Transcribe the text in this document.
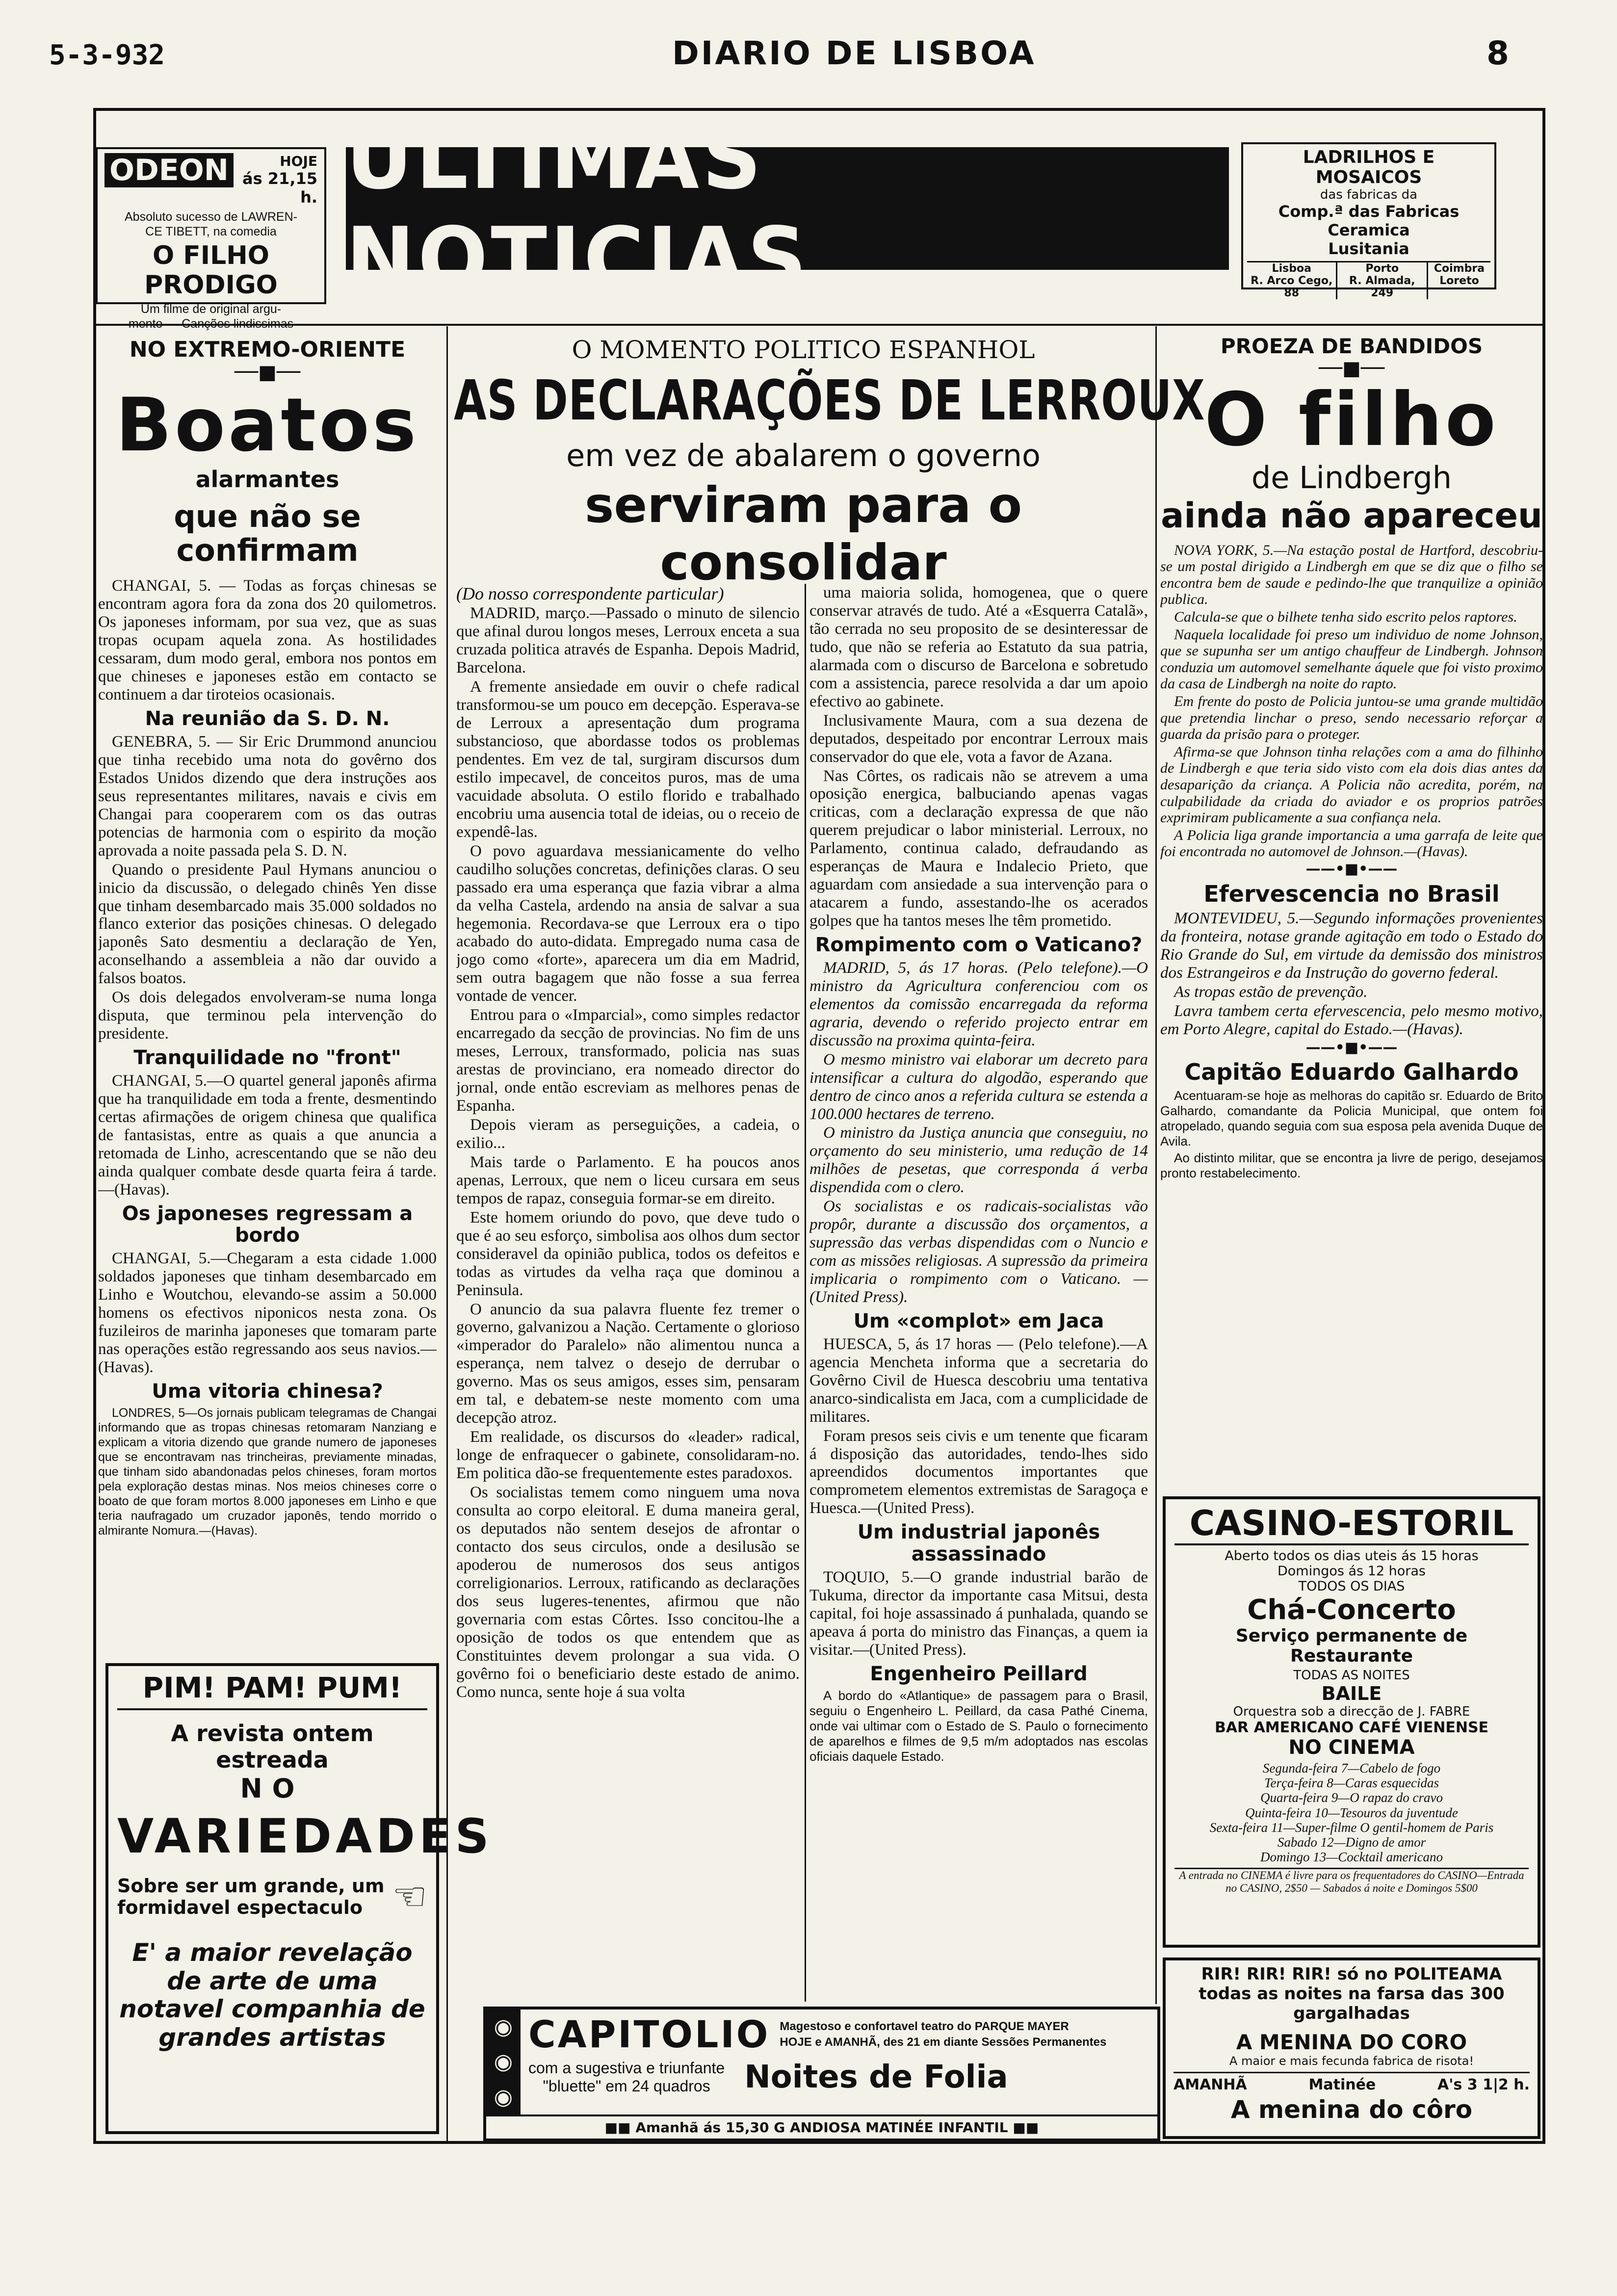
5-3-932	DIARIO DE LISBOA	8
ODEON	HOJE
ás 21,15 h.
Absoluto sucesso de LAWREN-
CE TIBETT, na comedia
O FILHO PRODIGO
Um filme de original argu-
mento — Canções lindissimas
ULTIMAS NOTICIAS
LADRILHOS E MOSAICOS
das fabricas da
Comp.ª das Fabricas Ceramica
Lusitania
Lisboa
R. Arco Cego, 88
Porto
R. Almada, 249
Coimbra
Loreto
NO EXTREMO-ORIENTE
──■──
Boatos
alarmantes
que não se confirmam

CHANGAI, 5. — Todas as forças chinesas se encontram agora fora da zona dos 20 quilometros. Os japoneses informam, por sua vez, que as suas tropas ocupam aquela zona. As hostilidades cessaram, dum modo geral, embora nos pontos em que chineses e japoneses estão em contacto se continuem a dar tiroteios ocasionais.

Na reunião da S. D. N.

GENEBRA, 5. — Sir Eric Drummond anunciou que tinha recebido uma nota do govêrno dos Estados Unidos dizendo que dera instruções aos seus representantes militares, navais e civis em Changai para cooperarem com os das outras potencias de harmonia com o espirito da moção aprovada a noite passada pela S. D. N.

Quando o presidente Paul Hymans anunciou o inicio da discussão, o delegado chinês Yen disse que tinham desembarcado mais 35.000 soldados no flanco exterior das posições chinesas. O delegado japonês Sato desmentiu a declaração de Yen, aconselhando a assembleia a não dar ouvido a falsos boatos.

Os dois delegados envolveram-se numa longa disputa, que terminou pela intervenção do presidente.

Tranquilidade no "front"

CHANGAI, 5.—O quartel general japonês afirma que ha tranquilidade em toda a frente, desmentindo certas afirmações de origem chinesa que qualifica de fantasistas, entre as quais a que anuncia a retomada de Linho, acrescentando que se não deu ainda qualquer combate desde quarta feira á tarde.—(Havas).

Os japoneses regressam a bordo

CHANGAI, 5.—Chegaram a esta cidade 1.000 soldados japoneses que tinham desembarcado em Linho e Woutchou, elevando-se assim a 50.000 homens os efectivos niponicos nesta zona. Os fuzileiros de marinha japoneses que tomaram parte nas operações estão regressando aos seus navios.—(Havas).

Uma vitoria chinesa?

LONDRES, 5—Os jornais publicam telegramas de Changai informando que as tropas chinesas retomaram Nanziang e explicam a vitoria dizendo que grande numero de japoneses que se encontravam nas trincheiras, previamente minadas, que tinham sido abandonadas pelos chineses, foram mortos pela exploração destas minas. Nos meios chineses corre o boato de que foram mortos 8.000 japoneses em Linho e que teria naufragado um cruzador japonês, tendo morrido o almirante Nomura.—(Havas).

PIM! PAM! PUM!
A revista ontem estreada
NO
VARIEDADES
Sobre ser um grande, um
formidavel espectaculo ☜
E' a maior revelação de arte de uma notavel companhia de grandes artistas
O MOMENTO POLITICO ESPANHOL
AS DECLARAÇÕES DE LERROUX
em vez de abalarem o governo
serviram para o consolidar

(Do nosso correspondente particular)

MADRID, março.—Passado o minuto de silencio que afinal durou longos meses, Lerroux enceta a sua cruzada politica através de Espanha. Depois Madrid, Barcelona.

A fremente ansiedade em ouvir o chefe radical transformou-se um pouco em decepção. Esperava-se de Lerroux a apresentação dum programa substancioso, que abordasse todos os problemas pendentes. Em vez de tal, surgiram discursos dum estilo impecavel, de conceitos puros, mas de uma vacuidade absoluta. O estilo florido e trabalhado encobriu uma ausencia total de ideias, ou o receio de expendê-las.

O povo aguardava messianicamente do velho caudilho soluções concretas, definições claras. O seu passado era uma esperança que fazia vibrar a alma da velha Castela, ardendo na ansia de salvar a sua hegemonia. Recordava-se que Lerroux era o tipo acabado do auto-didata. Empregado numa casa de jogo como «forte», aparecera um dia em Madrid, sem outra bagagem que não fosse a sua ferrea vontade de vencer.

Entrou para o «Imparcial», como simples redactor encarregado da secção de provincias. No fim de uns meses, Lerroux, transformado, policia nas suas arestas de provinciano, era nomeado director do jornal, onde então escreviam as melhores penas de Espanha.

Depois vieram as perseguições, a cadeia, o exilio...

Mais tarde o Parlamento. E ha poucos anos apenas, Lerroux, que nem o liceu cursara em seus tempos de rapaz, conseguia formar-se em direito.

Este homem oriundo do povo, que deve tudo o que é ao seu esforço, simbolisa aos olhos dum sector consideravel da opinião publica, todos os defeitos e todas as virtudes da velha raça que dominou a Peninsula.

O anuncio da sua palavra fluente fez tremer o governo, galvanizou a Nação. Certamente o glorioso «imperador do Paralelo» não alimentou nunca a esperança, nem talvez o desejo de derrubar o governo. Mas os seus amigos, esses sim, pensaram em tal, e debatem-se neste momento com uma decepção atroz.

Em realidade, os discursos do «leader» radical, longe de enfraquecer o gabinete, consolidaram-no. Em politica dão-se frequentemente estes paradoxos.

Os socialistas temem como ninguem uma nova consulta ao corpo eleitoral. E duma maneira geral, os deputados não sentem desejos de afrontar o contacto dos seus circulos, onde a desilusão se apoderou de numerosos dos seus antigos correligionarios. Lerroux, ratificando as declarações dos seus lugeres-tenentes, afirmou que não governaria com estas Côrtes. Isso concitou-lhe a oposição de todos os que entendem que as Constituintes devem prolongar a sua vida. O govêrno foi o beneficiario deste estado de animo. Como nunca, sente hoje á sua volta

uma maioria solida, homogenea, que o quere conservar através de tudo. Até a «Esquerra Catalã», tão cerrada no seu proposito de se desinteressar de tudo, que não se referia ao Estatuto da sua patria, alarmada com o discurso de Barcelona e sobretudo com a assistencia, parece resolvida a dar um apoio efectivo ao gabinete.

Inclusivamente Maura, com a sua dezena de deputados, despeitado por encontrar Lerroux mais conservador do que ele, vota a favor de Azana.

Nas Côrtes, os radicais não se atrevem a uma oposição energica, balbuciando apenas vagas criticas, com a declaração expressa de que não querem prejudicar o labor ministerial. Lerroux, no Parlamento, continua calado, defraudando as esperanças de Maura e Indalecio Prieto, que aguardam com ansiedade a sua intervenção para o atacarem a fundo, assestando-lhe os acerados golpes que ha tantos meses lhe têm prometido.

Rompimento com o Vaticano?

MADRID, 5, ás 17 horas. (Pelo telefone).—O ministro da Agricultura conferenciou com os elementos da comissão encarregada da reforma agraria, devendo o referido projecto entrar em discussão na proxima quinta-feira.

O mesmo ministro vai elaborar um decreto para intensificar a cultura do algodão, esperando que dentro de cinco anos a referida cultura se estenda a 100.000 hectares de terreno.

O ministro da Justiça anuncia que conseguiu, no orçamento do seu ministerio, uma redução de 14 milhões de pesetas, que corresponda á verba dispendida com o clero.

Os socialistas e os radicais-socialistas vão propôr, durante a discussão dos orçamentos, a supressão das verbas dispendidas com o Nuncio e com as missões religiosas. A supressão da primeira implicaria o rompimento com o Vaticano. — (United Press).

Um «complot» em Jaca

HUESCA, 5, ás 17 horas — (Pelo telefone).—A agencia Mencheta informa que a secretaria do Govêrno Civil de Huesca descobriu uma tentativa anarco-sindicalista em Jaca, com a cumplicidade de militares.

Foram presos seis civis e um tenente que ficaram á disposição das autoridades, tendo-lhes sido apreendidos documentos importantes que comprometem elementos extremistas de Saragoça e Huesca.—(United Press).

Um industrial japonês assassinado

TOQUIO, 5.—O grande industrial barão de Tukuma, director da importante casa Mitsui, desta capital, foi hoje assassinado á punhalada, quando se apeava á porta do ministro das Finanças, a quem ia visitar.—(United Press).

Engenheiro Peillard

A bordo do «Atlantique» de passagem para o Brasil, seguiu o Engenheiro L. Peillard, da casa Pathé Cinema, onde vai ultimar com o Estado de S. Paulo o fornecimento de aparelhos e filmes de 9,5 m/m adoptados nas escolas oficiais daquele Estado.

◉
◉
◉
CAPITOLIO Magestoso e confortavel teatro do PARQUE MAYER
HOJE e AMANHÃ, des 21 em diante Sessões Permanentes
com a sugestiva e triunfante
"bluette" em 24 quadros	Noites de Folia
■■ Amanhã ás 15,30 G ANDIOSA MATINÉE INFANTIL ■■
PROEZA DE BANDIDOS
──■──
O filho
de Lindbergh
ainda não apareceu

NOVA YORK, 5.—Na estação postal de Hartford, descobriu-se um postal dirigido a Lindbergh em que se diz que o filho se encontra bem de saude e pedindo-lhe que tranquilize a opinião publica.

Calcula-se que o bilhete tenha sido escrito pelos raptores.

Naquela localidade foi preso um individuo de nome Johnson, que se supunha ser um antigo chauffeur de Lindbergh. Johnson conduzia um automovel semelhante áquele que foi visto proximo da casa de Lindbergh na noite do rapto.

Em frente do posto de Policia juntou-se uma grande multidão que pretendia linchar o preso, sendo necessario reforçar a guarda da prisão para o proteger.

Afirma-se que Johnson tinha relações com a ama do filhinho de Lindbergh e que teria sido visto com ela dois dias antes da desaparição da criança. A Policia não acredita, porém, na culpabilidade da criada do aviador e os proprios patrões exprimiram publicamente a sua confiança nela.

A Policia liga grande importancia a uma garrafa de leite que foi encontrada no automovel de Johnson.—(Havas).

——•■•——
Efervescencia no Brasil

MONTEVIDEU, 5.—Segundo informações provenientes da fronteira, notase grande agitação em todo o Estado do Rio Grande do Sul, em virtude da demissão dos ministros dos Estrangeiros e da Instrução do governo federal.

As tropas estão de prevenção.

Lavra tambem certa efervescencia, pelo mesmo motivo, em Porto Alegre, capital do Estado.—(Havas).

——•■•——
Capitão Eduardo Galhardo

Acentuaram-se hoje as melhoras do capitão sr. Eduardo de Brito Galhardo, comandante da Policia Municipal, que ontem foi atropelado, quando seguia com sua esposa pela avenida Duque de Avila.

Ao distinto militar, que se encontra ja livre de perigo, desejamos pronto restabelecimento.

CASINO-ESTORIL
Aberto todos os dias uteis ás 15 horas
Domingos ás 12 horas
TODOS OS DIAS
Chá-Concerto
Serviço permanente de Restaurante
TODAS AS NOITES
BAILE
Orquestra sob a direcção de J. FABRE
BAR AMERICANO CAFÉ VIENENSE
NO CINEMA
Segunda-feira 7—Cabelo de fogo
Terça-feira 8—Caras esquecidas
Quarta-feira 9—O rapaz do cravo
Quinta-feira 10—Tesouros da juventude
Sexta-feira 11—Super-filme O gentil-homem de Paris
Sabado 12—Digno de amor
Domingo 13—Cocktail americano
A entrada no CINEMA é livre para os frequentadores do CASINO—Entrada no CASINO, 2$50 — Sabados á noite e Domingos 5$00
RIR! RIR! RIR! só no POLITEAMA
todas as noites na farsa das 300 gargalhadas
A MENINA DO CORO
A maior e mais fecunda fabrica de risota!
AMANHÃ	Matinée	A's 3 1|2 h.
A menina do côro
